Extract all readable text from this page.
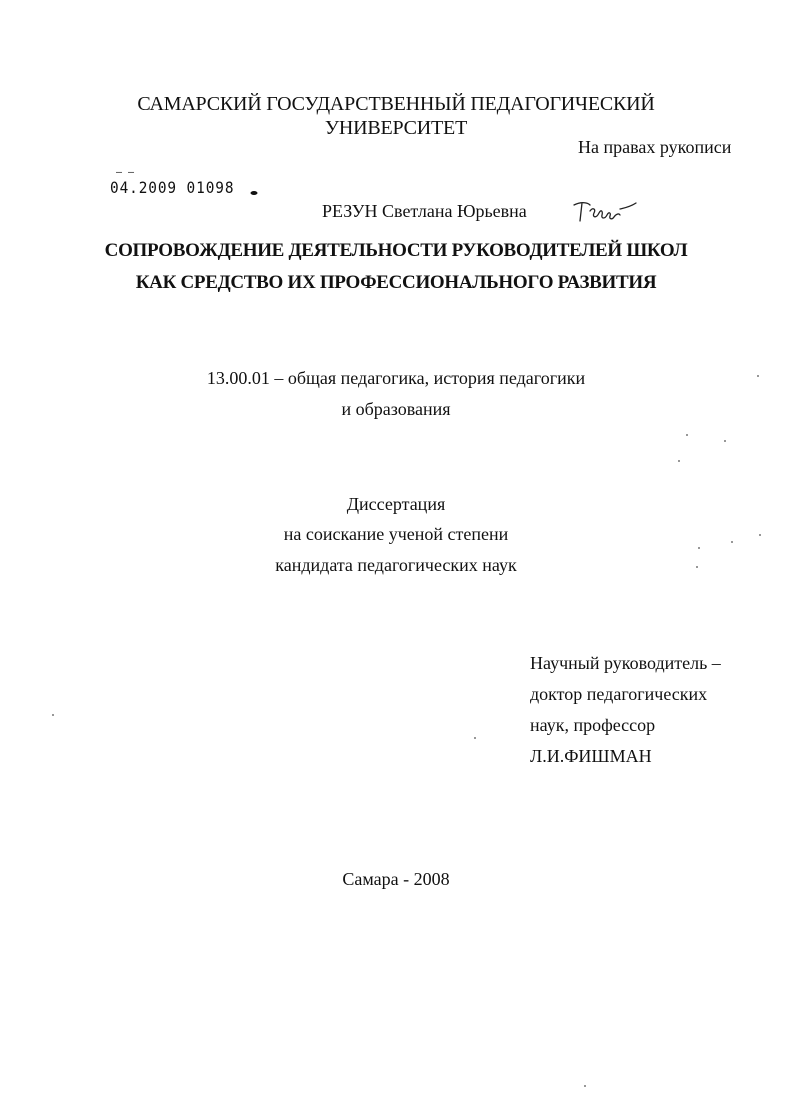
САМАРСКИЙ ГОСУДАРСТВЕННЫЙ ПЕДАГОГИЧЕСКИЙ
УНИВЕРСИТЕТ
На правах рукописи
– –
04.2009 01098
РЕЗУН Светлана Юрьевна
СОПРОВОЖДЕНИЕ ДЕЯТЕЛЬНОСТИ РУКОВОДИТЕЛЕЙ ШКОЛ
КАК СРЕДСТВО ИХ ПРОФЕССИОНАЛЬНОГО РАЗВИТИЯ
13.00.01 – общая педагогика, история педагогики
и образования
Диссертация
на соискание ученой степени
кандидата педагогических наук
Научный руководитель –
доктор педагогических
наук, профессор
Л.И.ФИШМАН
Самара - 2008
